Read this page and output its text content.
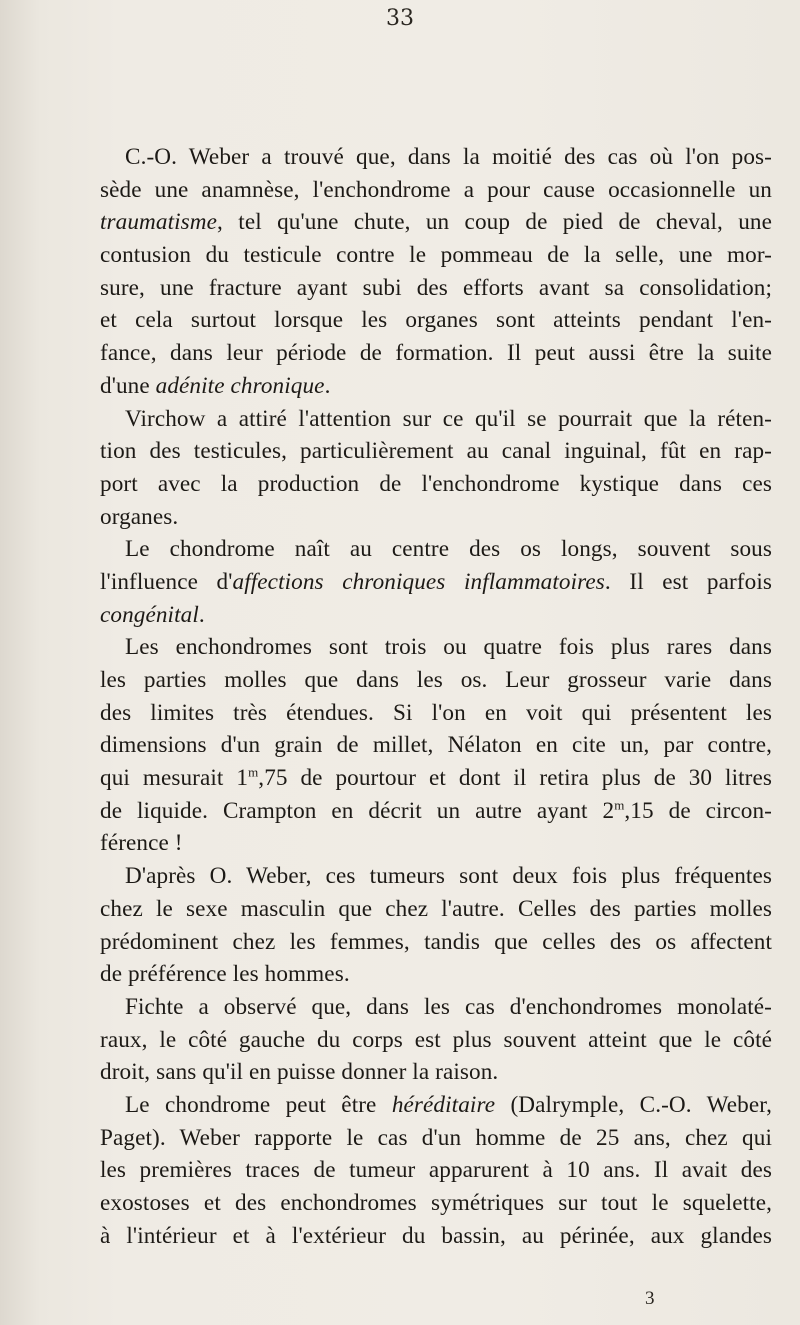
33
C.-O. Weber a trouvé que, dans la moitié des cas où l'on pos-
sède une anamnèse, l'enchondrome a pour cause occasionnelle un
traumatisme, tel qu'une chute, un coup de pied de cheval, une
contusion du testicule contre le pommeau de la selle, une mor-
sure, une fracture ayant subi des efforts avant sa consolidation;
et cela surtout lorsque les organes sont atteints pendant l'en-
fance, dans leur période de formation. Il peut aussi être la suite
d'une adénite chronique.
Virchow a attiré l'attention sur ce qu'il se pourrait que la réten-
tion des testicules, particulièrement au canal inguinal, fût en rap-
port avec la production de l'enchondrome kystique dans ces
organes.
Le chondrome naît au centre des os longs, souvent sous
l'influence d'affections chroniques inflammatoires. Il est parfois
congénital.
Les enchondromes sont trois ou quatre fois plus rares dans
les parties molles que dans les os. Leur grosseur varie dans
des limites très étendues. Si l'on en voit qui présentent les
dimensions d'un grain de millet, Nélaton en cite un, par contre,
qui mesurait 1$^m$,75 de pourtour et dont il retira plus de 30 litres
de liquide. Crampton en décrit un autre ayant 2$^m$,15 de circon-
férence !
D'après O. Weber, ces tumeurs sont deux fois plus fréquentes
chez le sexe masculin que chez l'autre. Celles des parties molles
prédominent chez les femmes, tandis que celles des os affectent
de préférence les hommes.
Fichte a observé que, dans les cas d'enchondromes monolaté-
raux, le côté gauche du corps est plus souvent atteint que le côté
droit, sans qu'il en puisse donner la raison.
Le chondrome peut être héréditaire (Dalrymple, C.-O. Weber,
Paget). Weber rapporte le cas d'un homme de 25 ans, chez qui
les premières traces de tumeur apparurent à 10 ans. Il avait des
exostoses et des enchondromes symétriques sur tout le squelette,
à l'intérieur et à l'extérieur du bassin, au périnée, aux glandes
3
